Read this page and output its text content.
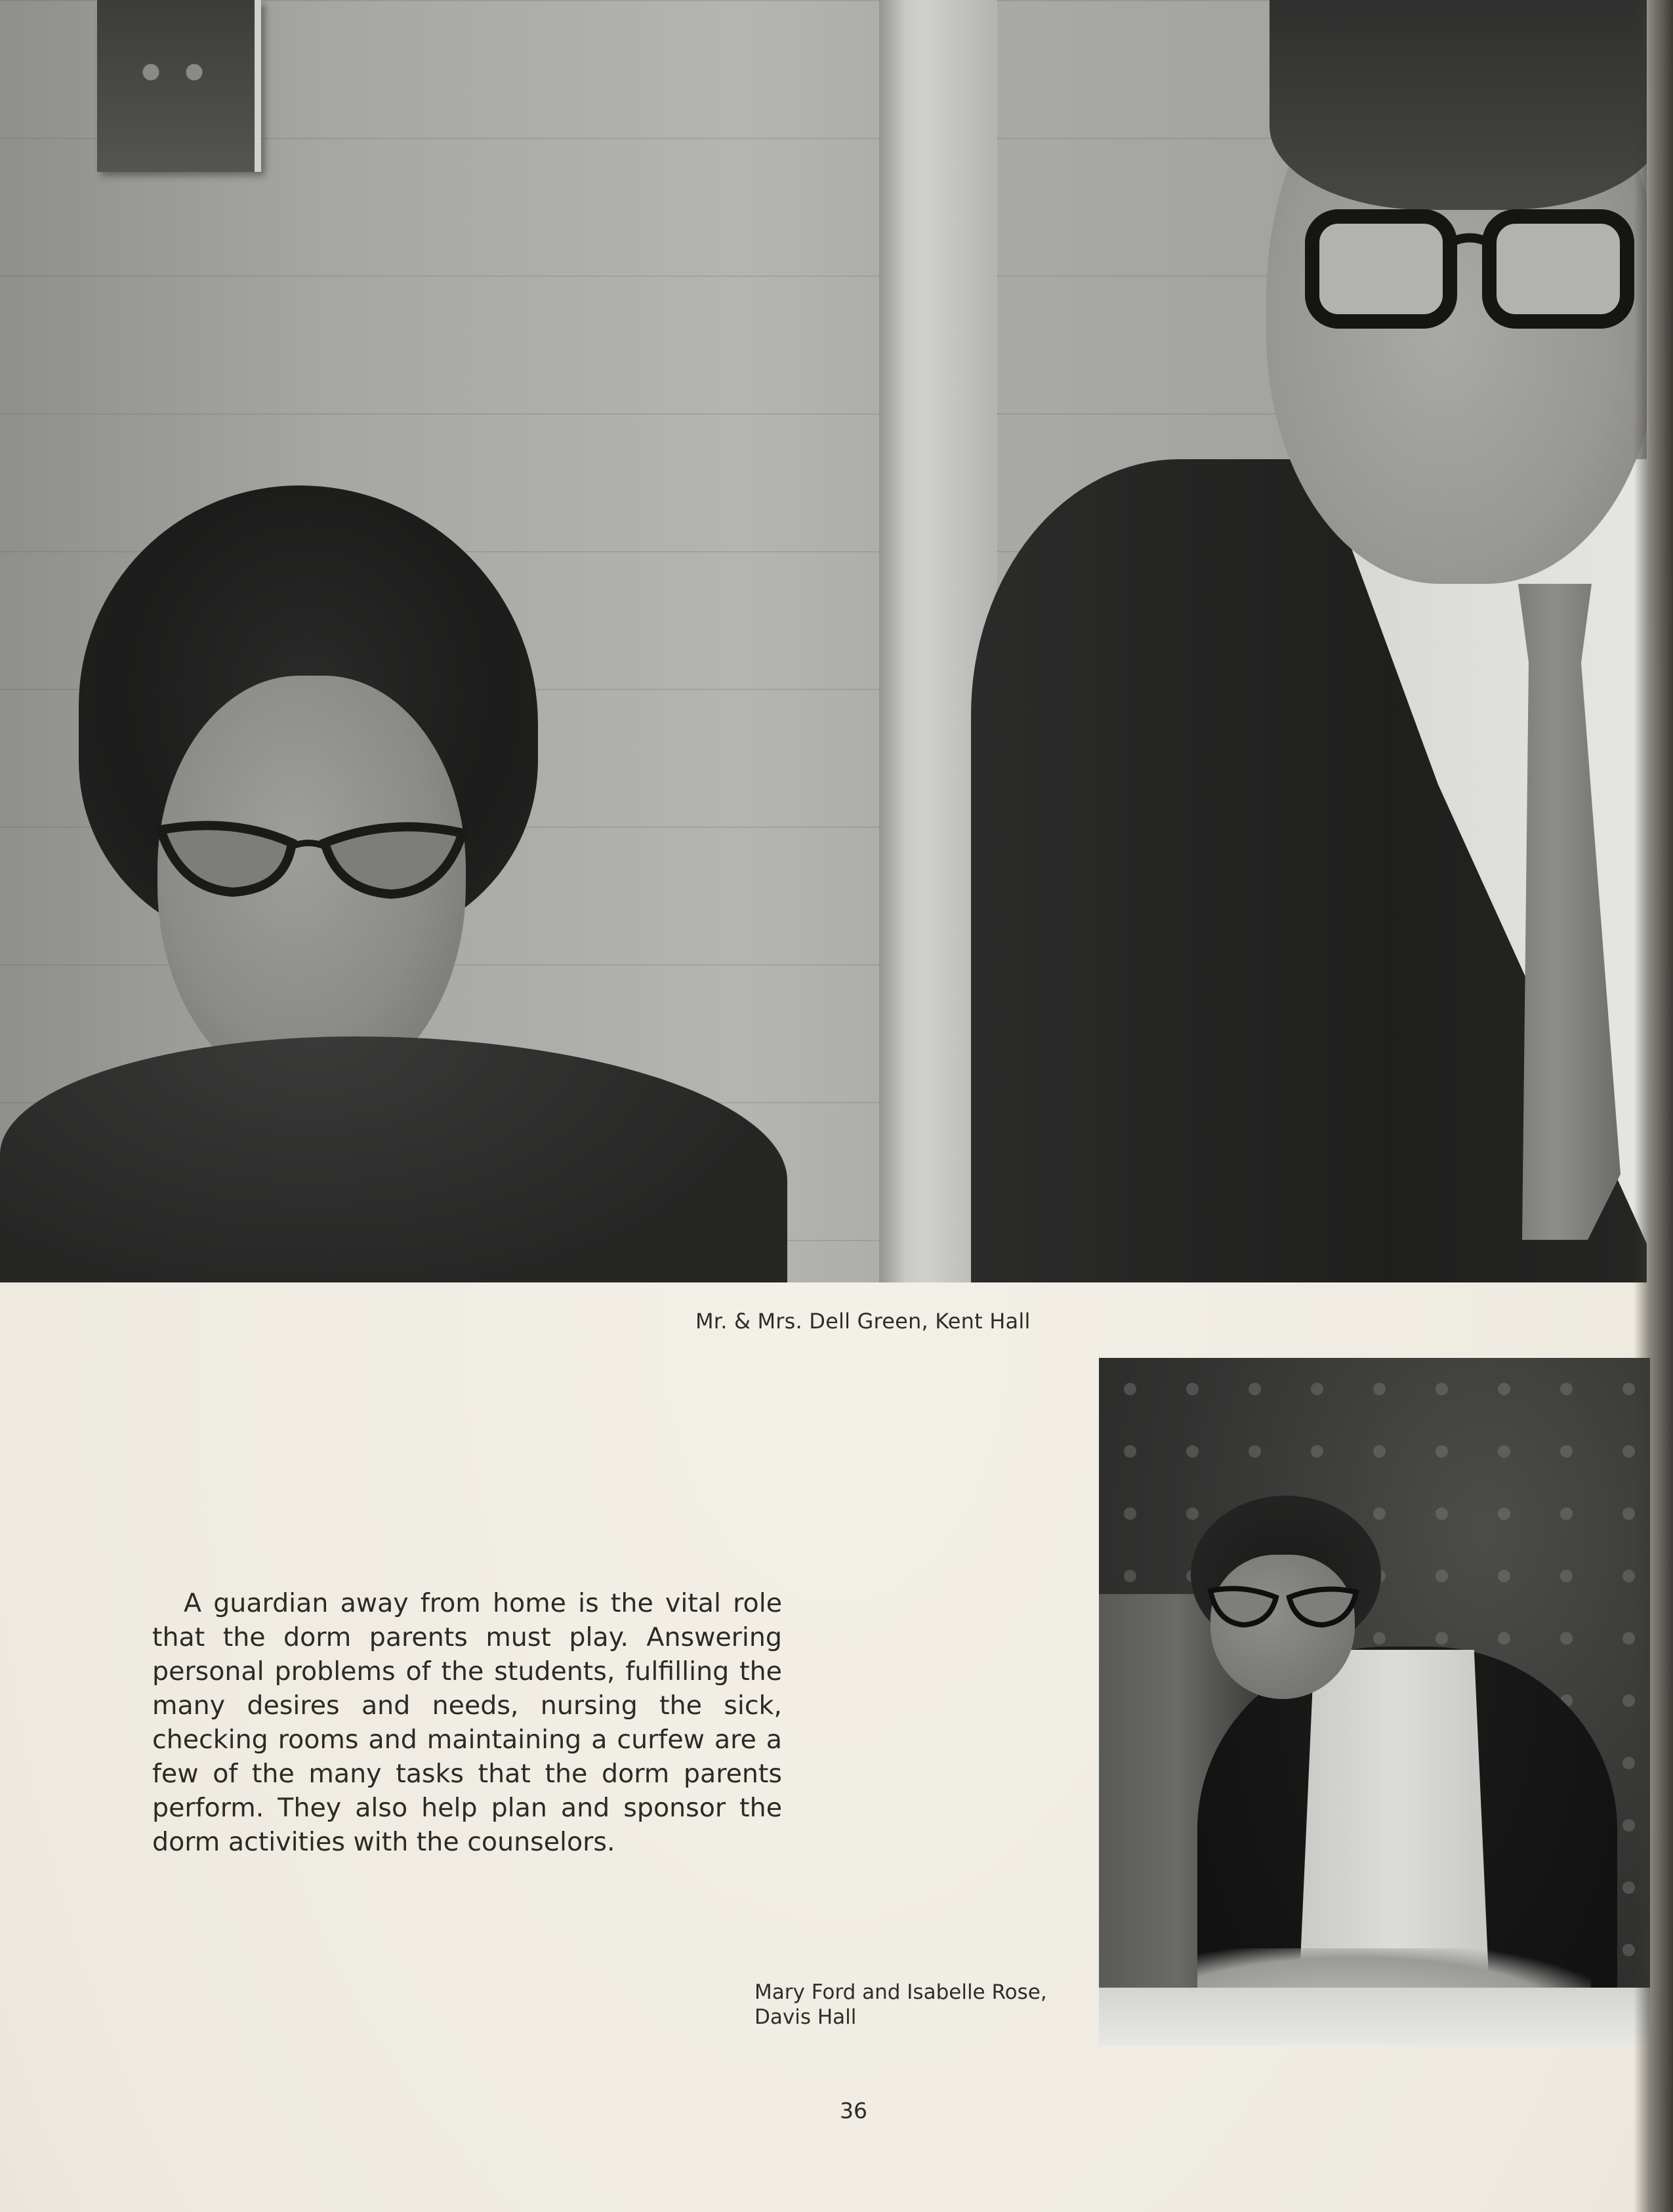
Mr. & Mrs. Dell Green, Kent Hall

A guardian away from home is the vital role that the dorm parents must play. Answering personal problems of the students, fulfilling the many desires and needs, nursing the sick, checking rooms and maintaining a curfew are a few of the many tasks that the dorm parents perform. They also help plan and sponsor the dorm activities with the counselors.

Mary Ford and Isabelle Rose,
Davis Hall

36
